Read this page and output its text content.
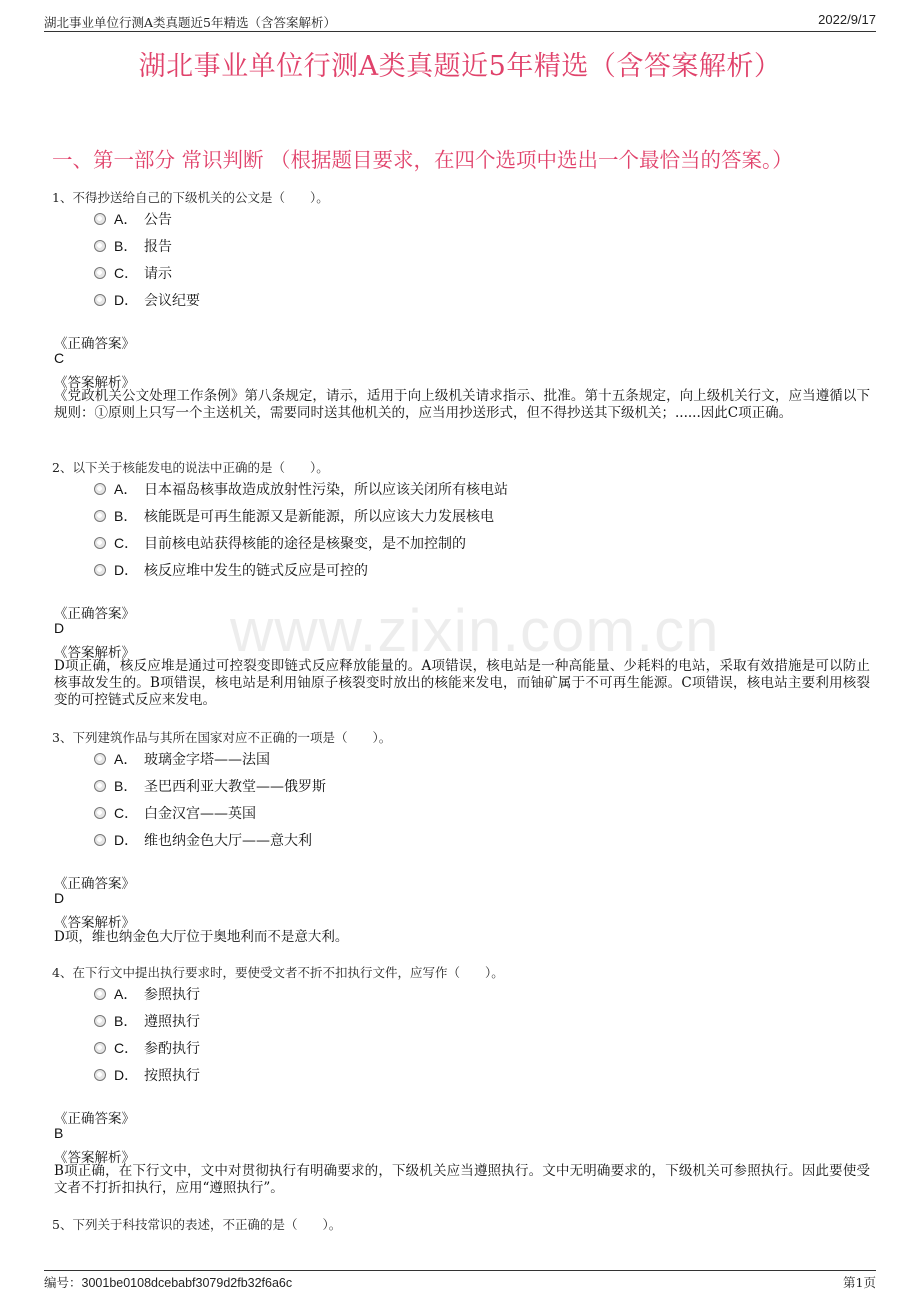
湖北事业单位行测A类真题近5年精选（含答案解析）	2022/9/17
湖北事业单位行测A类真题近5年精选（含答案解析）
一、第一部分 常识判断 （根据题目要求，在四个选项中选出一个最恰当的答案。）
www.zixin.com.cn
1、不得抄送给自己的下级机关的公文是（　　）。
A． 公告
B． 报告
C． 请示
D． 会议纪要
《正确答案》
C
《答案解析》
《党政机关公文处理工作条例》第八条规定，请示，适用于向上级机关请求指示、批准。第十五条规定，向上级机关行文，应当遵循以下规则：①原则上只写一个主送机关，需要同时送其他机关的，应当用抄送形式，但不得抄送其下级机关；......因此C项正确。
2、以下关于核能发电的说法中正确的是（　　）。
A． 日本福岛核事故造成放射性污染，所以应该关闭所有核电站
B． 核能既是可再生能源又是新能源，所以应该大力发展核电
C． 目前核电站获得核能的途径是核聚变，是不加控制的
D． 核反应堆中发生的链式反应是可控的
《正确答案》
D
《答案解析》
D项正确，核反应堆是通过可控裂变即链式反应释放能量的。A项错误，核电站是一种高能量、少耗料的电站，采取有效措施是可以防止核事故发生的。B项错误，核电站是利用铀原子核裂变时放出的核能来发电，而铀矿属于不可再生能源。C项错误，核电站主要利用核裂变的可控链式反应来发电。
3、下列建筑作品与其所在国家对应不正确的一项是（　　）。
A． 玻璃金字塔——法国
B． 圣巴西利亚大教堂——俄罗斯
C． 白金汉宫——英国
D． 维也纳金色大厅——意大利
《正确答案》
D
《答案解析》
D项，维也纳金色大厅位于奥地利而不是意大利。
4、在下行文中提出执行要求时，要使受文者不折不扣执行文件，应写作（　　）。
A． 参照执行
B． 遵照执行
C． 参酌执行
D． 按照执行
《正确答案》
B
《答案解析》
B项正确，在下行文中，文中对贯彻执行有明确要求的，下级机关应当遵照执行。文中无明确要求的，下级机关可参照执行。因此要使受文者不打折扣执行，应用“遵照执行”。
5、下列关于科技常识的表述，不正确的是（　　）。
编号：3001be0108dcebabf3079d2fb32f6a6c	第1页
